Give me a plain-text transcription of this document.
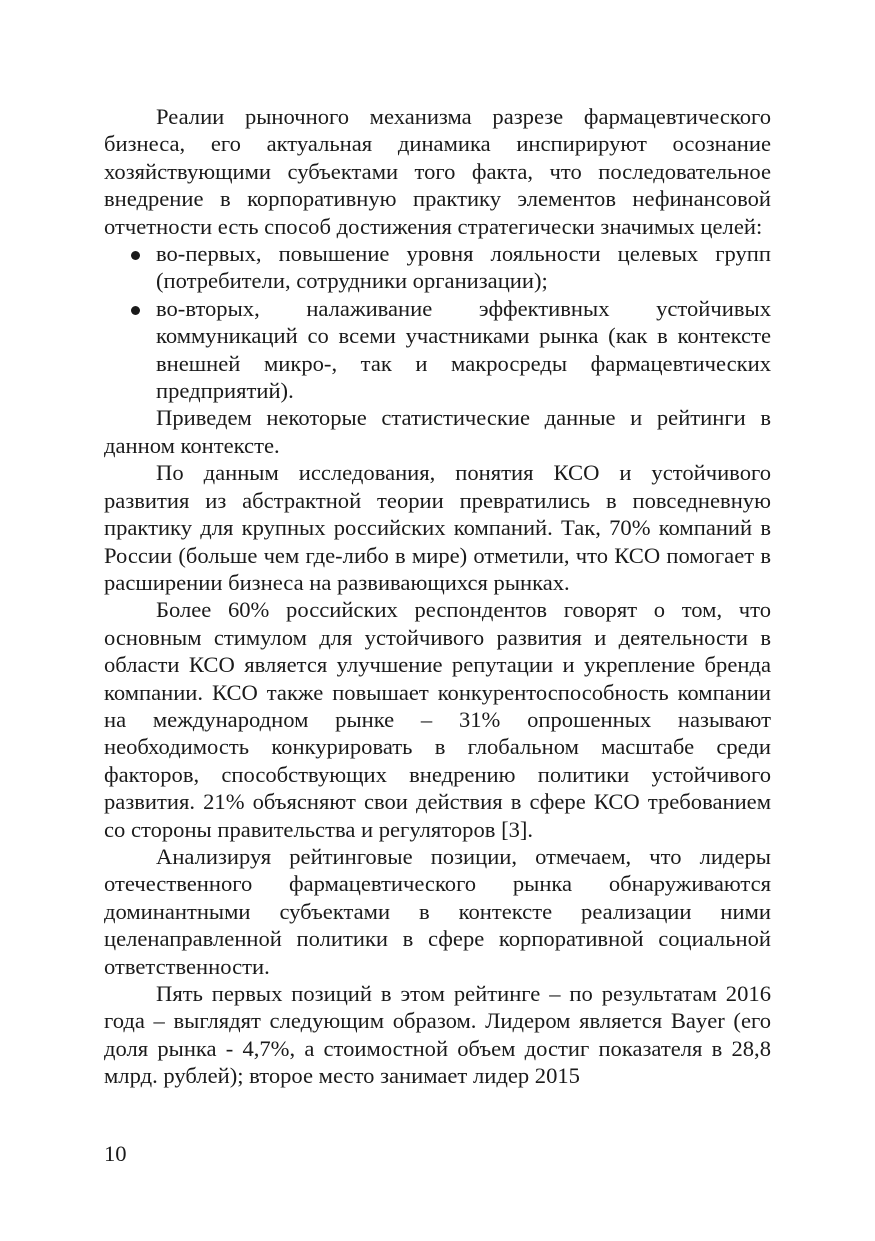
Реалии рыночного механизма разрезе фармацевтического бизнеса, его актуальная динамика инспирируют осознание хозяйствующими субъектами того факта, что последовательное внедрение в корпоративную практику элементов нефинансовой отчетности есть способ достижения стратегически значимых целей:

во-первых, повышение уровня лояльности целевых групп (потребители, сотрудники организации);
во-вторых, налаживание эффективных устойчивых коммуникаций со всеми участниками рынка (как в контексте внешней микро-, так и макросреды фармацевтических предприятий).

Приведем некоторые статистические данные и рейтинги в данном контексте.

По данным исследования, понятия КСО и устойчивого развития из абстрактной теории превратились в повседневную практику для крупных российских компаний. Так, 70% компаний в России (больше чем где-либо в мире) отметили, что КСО помогает в расширении бизнеса на развивающихся рынках.

Более 60% российских респондентов говорят о том, что основным стимулом для устойчивого развития и деятельности в области КСО является улучшение репутации и укрепление бренда компании. КСО также повышает конкурентоспособность компании на международном рынке – 31% опрошенных называют необходимость конкурировать в глобальном масштабе среди факторов, способствующих внедрению политики устойчивого развития. 21% объясняют свои действия в сфере КСО требованием со стороны правительства и регуляторов [3].

Анализируя рейтинговые позиции, отмечаем, что лидеры отечественного фармацевтического рынка обнаруживаются доминантными субъектами в контексте реализации ними целенаправленной политики в сфере корпоративной социальной ответственности.

Пять первых позиций в этом рейтинге – по результатам 2016 года – выглядят следующим образом. Лидером является Bayer (его доля рынка - 4,7%, а стоимостной объем достиг показателя в 28,8 млрд. рублей); второе место занимает лидер 2015

10
